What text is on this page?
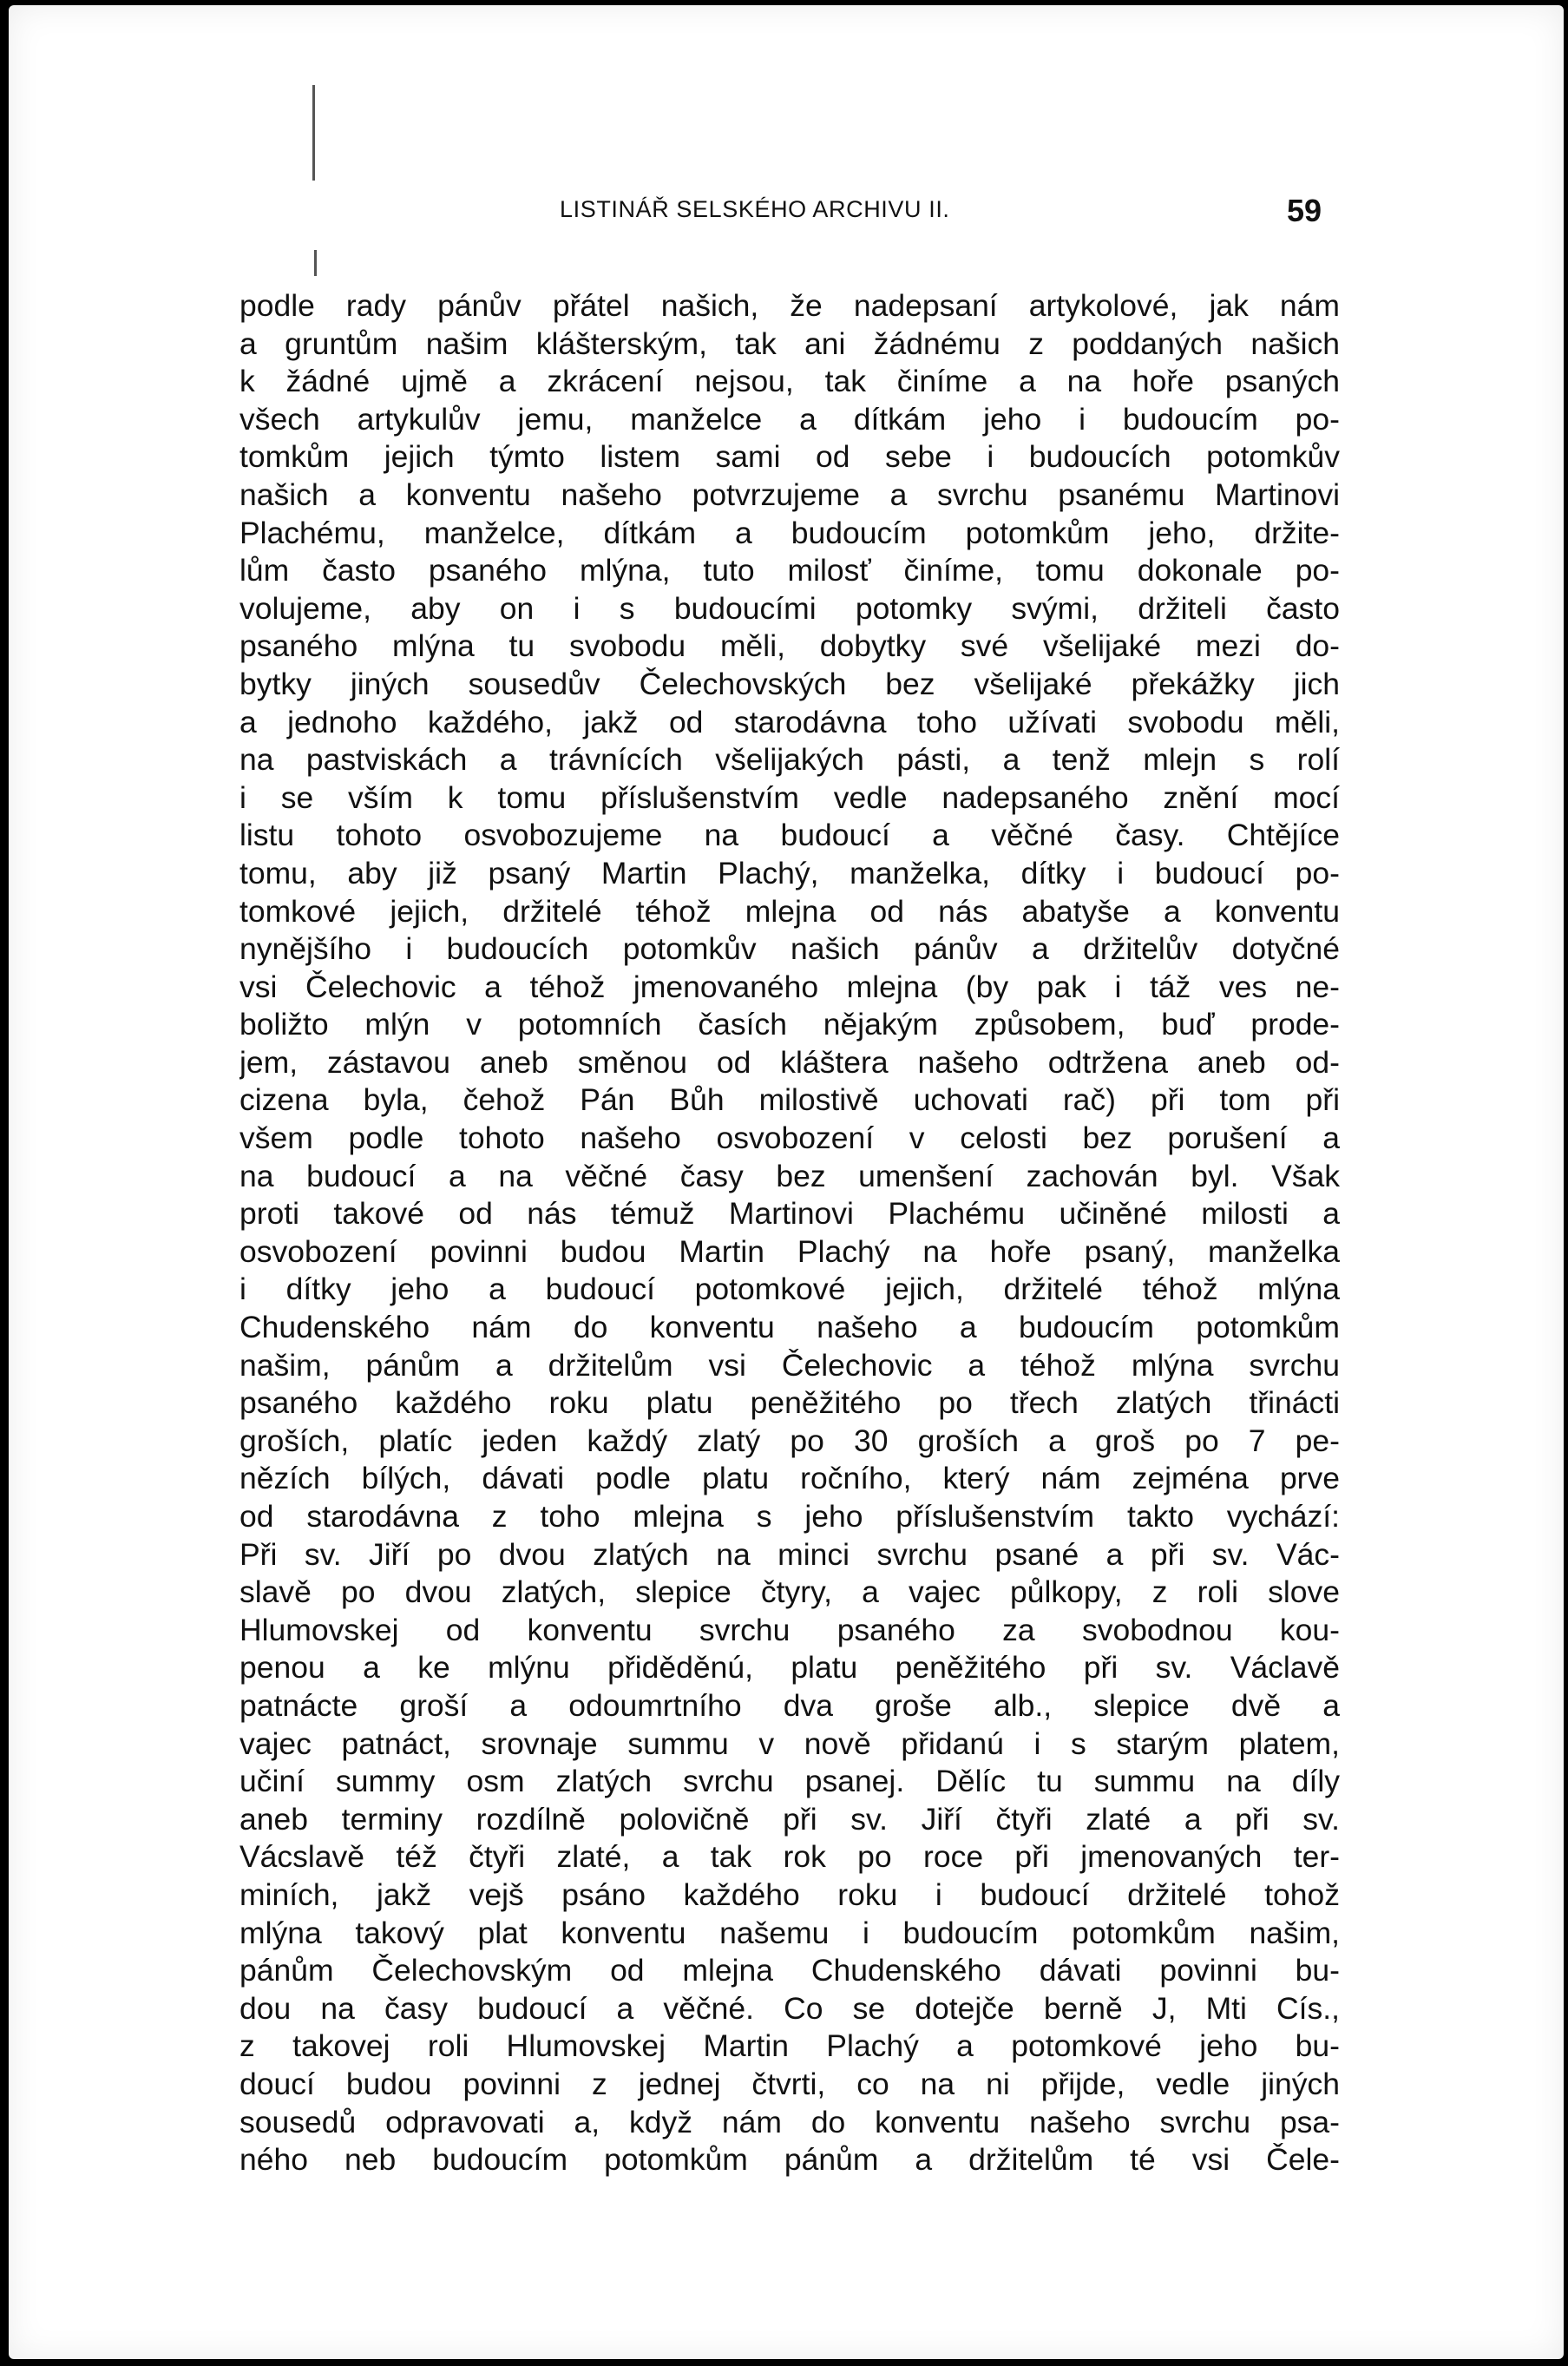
LISTINÁŘ SELSKÉHO ARCHIVU II.	59
podle rady pánův přátel našich, že nadepsaní artykolové, jak nám
a gruntům našim klášterským, tak ani žádnému z poddaných našich
k žádné ujmě a zkrácení nejsou, tak činíme a na hoře psaných
všech artykulův jemu, manželce a dítkám jeho i budoucím po-
tomkům jejich týmto listem sami od sebe i budoucích potomkův
našich a konventu našeho potvrzujeme a svrchu psanému Martinovi
Plachému, manželce, dítkám a budoucím potomkům jeho, držite-
lům často psaného mlýna, tuto milosť činíme, tomu dokonale po-
volujeme, aby on i s budoucími potomky svými, držiteli často
psaného mlýna tu svobodu měli, dobytky své všelijaké mezi do-
bytky jiných sousedův Čelechovských bez všelijaké překážky jich
a jednoho každého, jakž od starodávna toho užívati svobodu měli,
na pastviskách a trávnících všelijakých pásti, a tenž mlejn s rolí
i se vším k tomu příslušenstvím vedle nadepsaného znění mocí
listu tohoto osvobozujeme na budoucí a věčné časy. Chtějíce
tomu, aby již psaný Martin Plachý, manželka, dítky i budoucí po-
tomkové jejich, držitelé téhož mlejna od nás abatyše a konventu
nynějšího i budoucích potomkův našich pánův a držitelův dotyčné
vsi Čelechovic a téhož jmenovaného mlejna (by pak i táž ves ne-
boližto mlýn v potomních časích nějakým způsobem, buď prode-
jem, zástavou aneb směnou od kláštera našeho odtržena aneb od-
cizena byla, čehož Pán Bůh milostivě uchovati rač) při tom při
všem podle tohoto našeho osvobození v celosti bez porušení a
na budoucí a na věčné časy bez umenšení zachován byl. Však
proti takové od nás témuž Martinovi Plachému učiněné milosti a
osvobození povinni budou Martin Plachý na hoře psaný, manželka
i dítky jeho a budoucí potomkové jejich, držitelé téhož mlýna
Chudenského nám do konventu našeho a budoucím potomkům
našim, pánům a držitelům vsi Čelechovic a téhož mlýna svrchu
psaného každého roku platu peněžitého po třech zlatých třinácti
groších, platíc jeden každý zlatý po 30 groších a groš po 7 pe-
nězích bílých, dávati podle platu ročního, který nám zejména prve
od starodávna z toho mlejna s jeho příslušenstvím takto vychází:
Při sv. Jiří po dvou zlatých na minci svrchu psané a při sv. Vác-
slavě po dvou zlatých, slepice čtyry, a vajec půlkopy, z roli slove
Hlumovskej od konventu svrchu psaného za svobodnou kou-
penou a ke mlýnu přiděděnú, platu peněžitého při sv. Václavě
patnácte groší a odoumrtního dva groše alb., slepice dvě a
vajec patnáct, srovnaje summu v nově přidanú i s starým platem,
učiní summy osm zlatých svrchu psanej. Dělíc tu summu na díly
aneb terminy rozdílně polovičně při sv. Jiří čtyři zlaté a při sv.
Vácslavě též čtyři zlaté, a tak rok po roce při jmenovaných ter-
miních, jakž vejš psáno každého roku i budoucí držitelé tohož
mlýna takový plat konventu našemu i budoucím potomkům našim,
pánům Čelechovským od mlejna Chudenského dávati povinni bu-
dou na časy budoucí a věčné. Co se dotejče berně J, Mti Cís.,
z takovej roli Hlumovskej Martin Plachý a potomkové jeho bu-
doucí budou povinni z jednej čtvrti, co na ni přijde, vedle jiných
sousedů odpravovati a, když nám do konventu našeho svrchu psa-
ného neb budoucím potomkům pánům a držitelům té vsi Čele-
